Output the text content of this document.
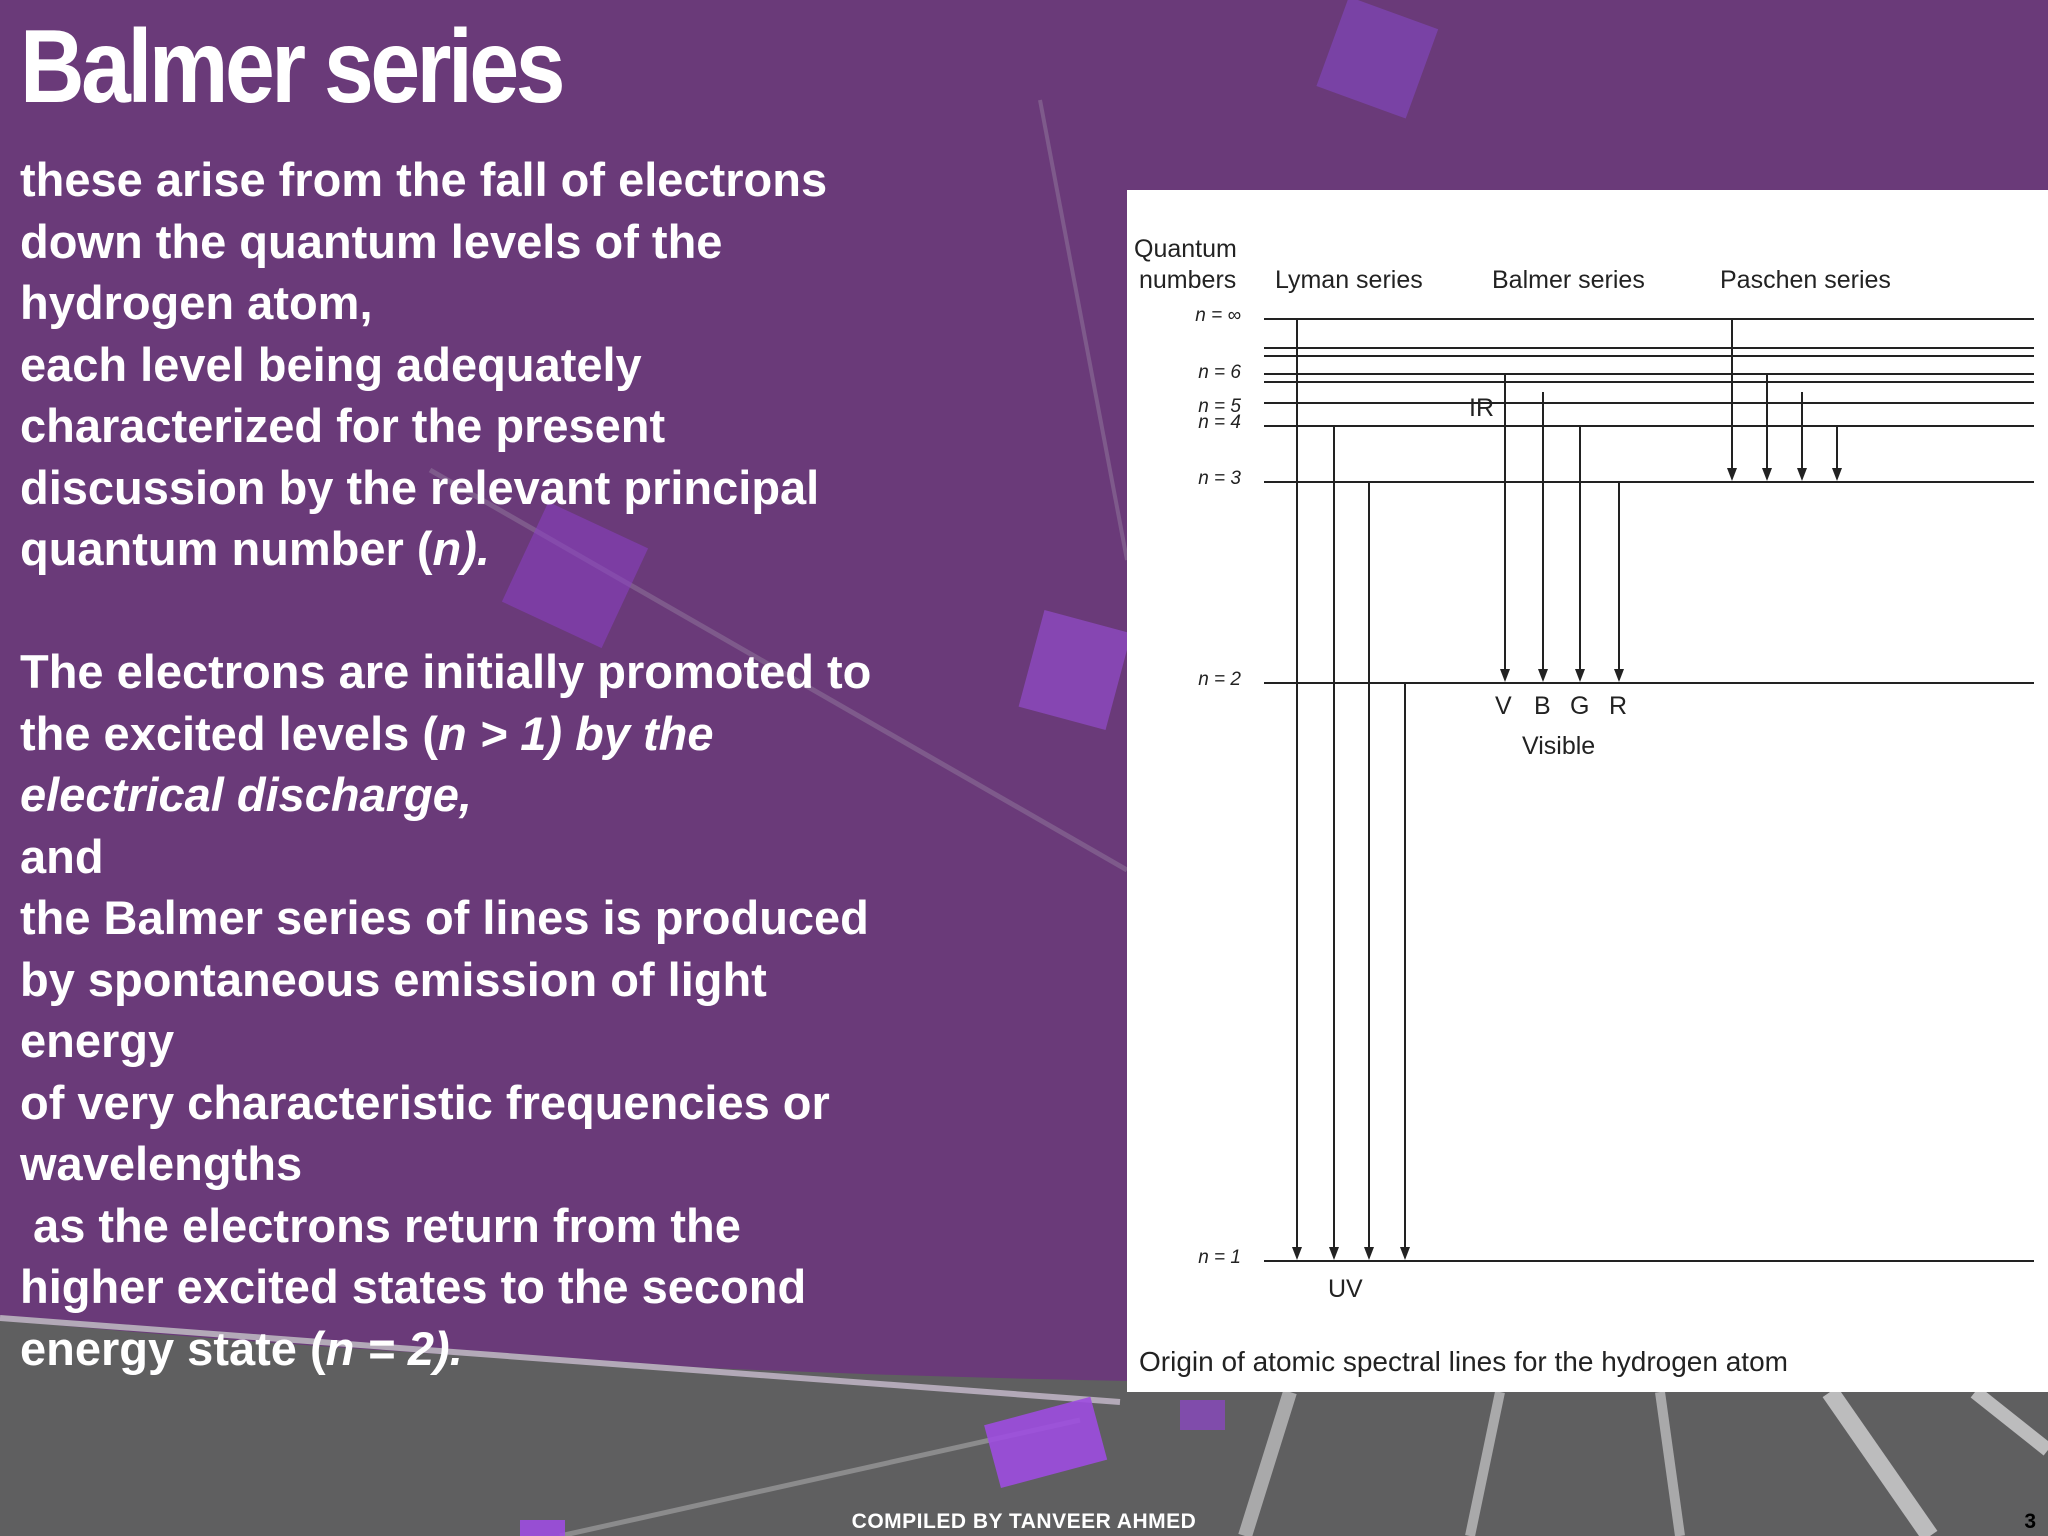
Balmer series
these arise from the fall of electrons
down the quantum levels of the
hydrogen atom,
each level being adequately
characterized for the present
discussion by the relevant principal
quantum number (n).
The electrons are initially promoted to
the excited levels (n > 1) by the
electrical discharge,
and
the Balmer series of lines is produced
by spontaneous emission of light
energy
of very characteristic frequencies or
wavelengths
as the electrons return from the
higher excited states to the second
energy state (n = 2).
Quantum
numbers Lyman series	Balmer series	Paschen series
n = ∞
n = 6
n = 5
n = 4
n = 3
n = 2
n = 1
IR
V B G R
Visible
UV
Origin of atomic spectral lines for the hydrogen atom
COMPILED BY TANVEER AHMED	3
